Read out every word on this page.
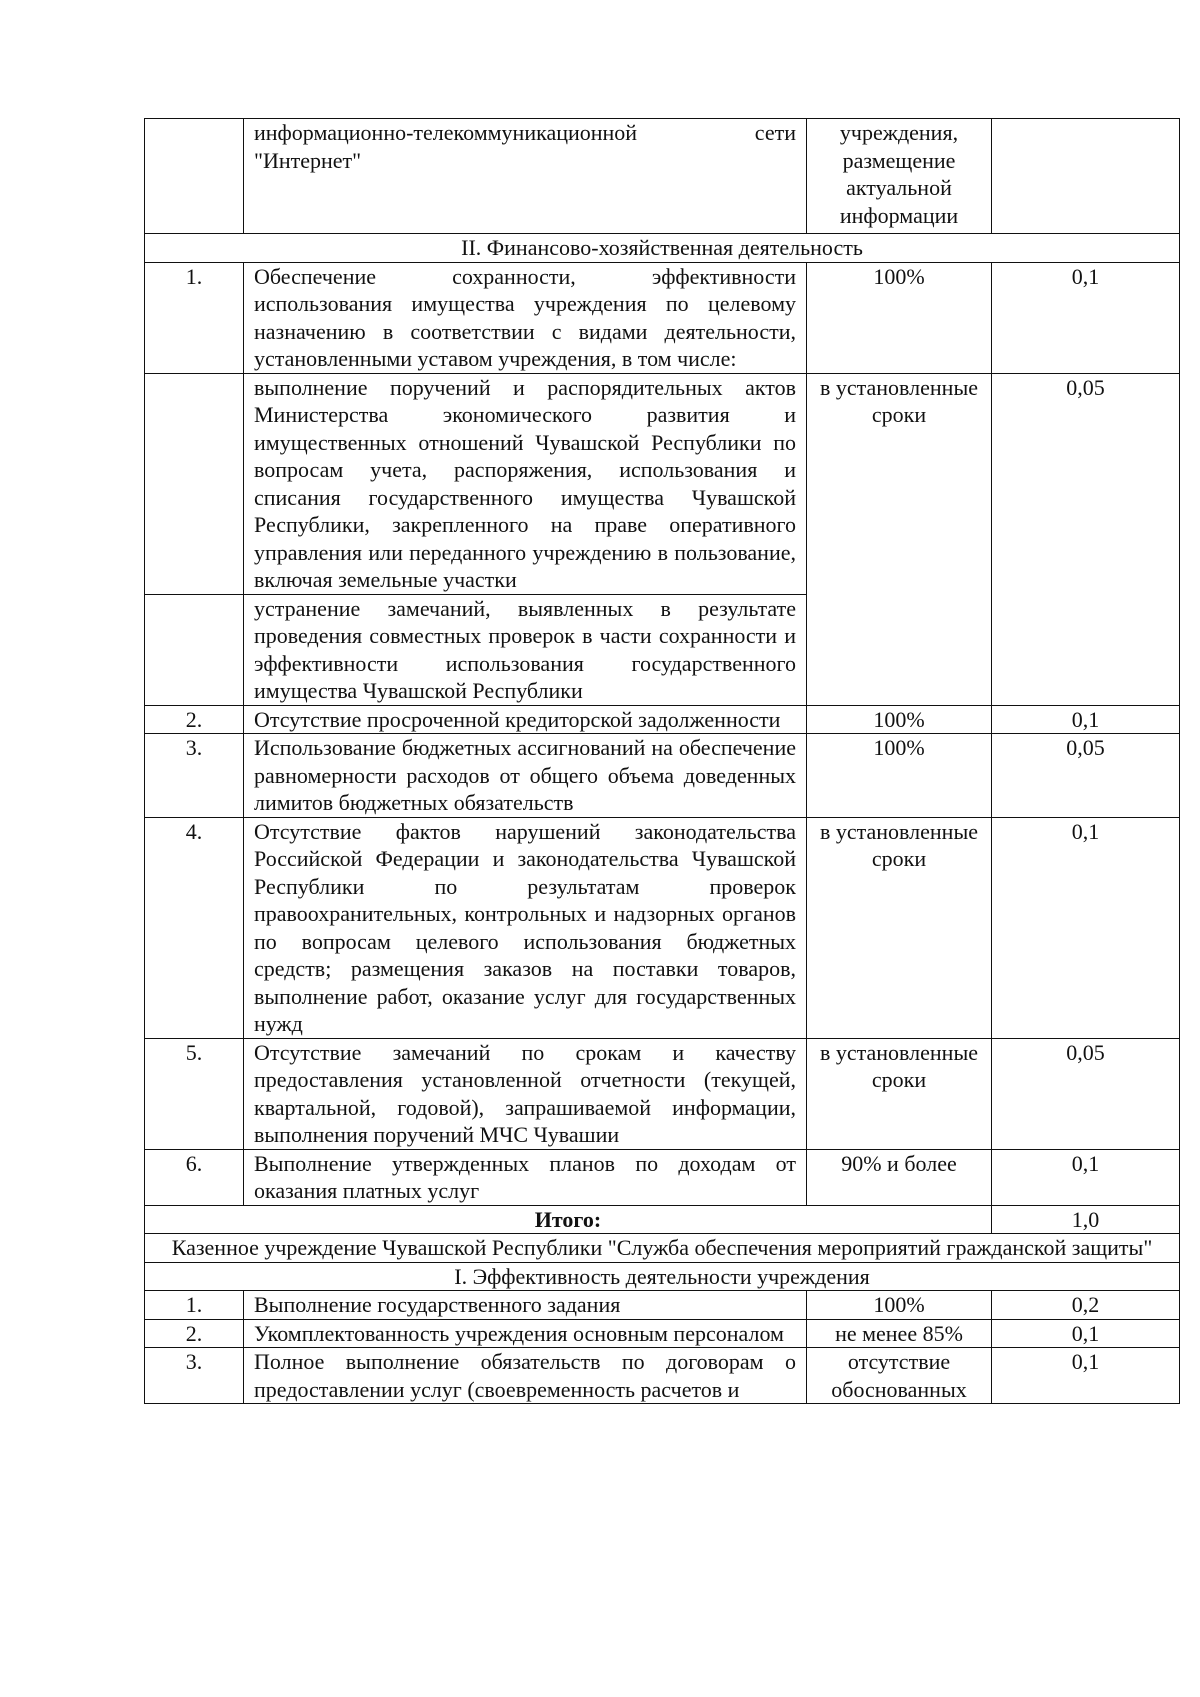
	информационно-телекоммуникационной сети "Интернет"	учреждения, размещение актуальной информации	
II. Финансово-хозяйственная деятельность			
1.	Обеспечение сохранности, эффективности использования имущества учреждения по целевому назначению в соответствии с видами деятельности, установленными уставом учреждения, в том числе:	100%	0,1
	выполнение поручений и распорядительных актов Министерства экономического развития и имущественных отношений Чувашской Республики по вопросам учета, распоряжения, использования и списания государственного имущества Чувашской Республики, закрепленного на праве оперативного управления или переданного учреждению в пользование, включая земельные участки	в установленные сроки	0,05
	устранение замечаний, выявленных в результате проведения совместных проверок в части сохранности и эффективности использования государственного имущества Чувашской Республики		
2.	Отсутствие просроченной кредиторской задолженности	100%	0,1
3.	Использование бюджетных ассигнований на обеспечение равномерности расходов от общего объема доведенных лимитов бюджетных обязательств	100%	0,05
4.	Отсутствие фактов нарушений законодательства Российской Федерации и законодательства Чувашской Республики по результатам проверок правоохранительных, контрольных и надзорных органов по вопросам целевого использования бюджетных средств; размещения заказов на поставки товаров, выполнение работ, оказание услуг для государственных нужд	в установленные сроки	0,1
5.	Отсутствие замечаний по срокам и качеству предоставления установленной отчетности (текущей, квартальной, годовой), запрашиваемой информации, выполнения поручений МЧС Чувашии	в установленные сроки	0,05
6.	Выполнение утвержденных планов по доходам от оказания платных услуг	90% и более	0,1
Итого:			1,0
Казенное учреждение Чувашской Республики "Служба обеспечения мероприятий гражданской защиты"			
I. Эффективность деятельности учреждения			
1.	Выполнение государственного задания	100%	0,2
2.	Укомплектованность учреждения основным персоналом	не менее 85%	0,1
3.	Полное выполнение обязательств по договорам о предоставлении услуг (своевременность расчетов и	отсутствие обоснованных	0,1
